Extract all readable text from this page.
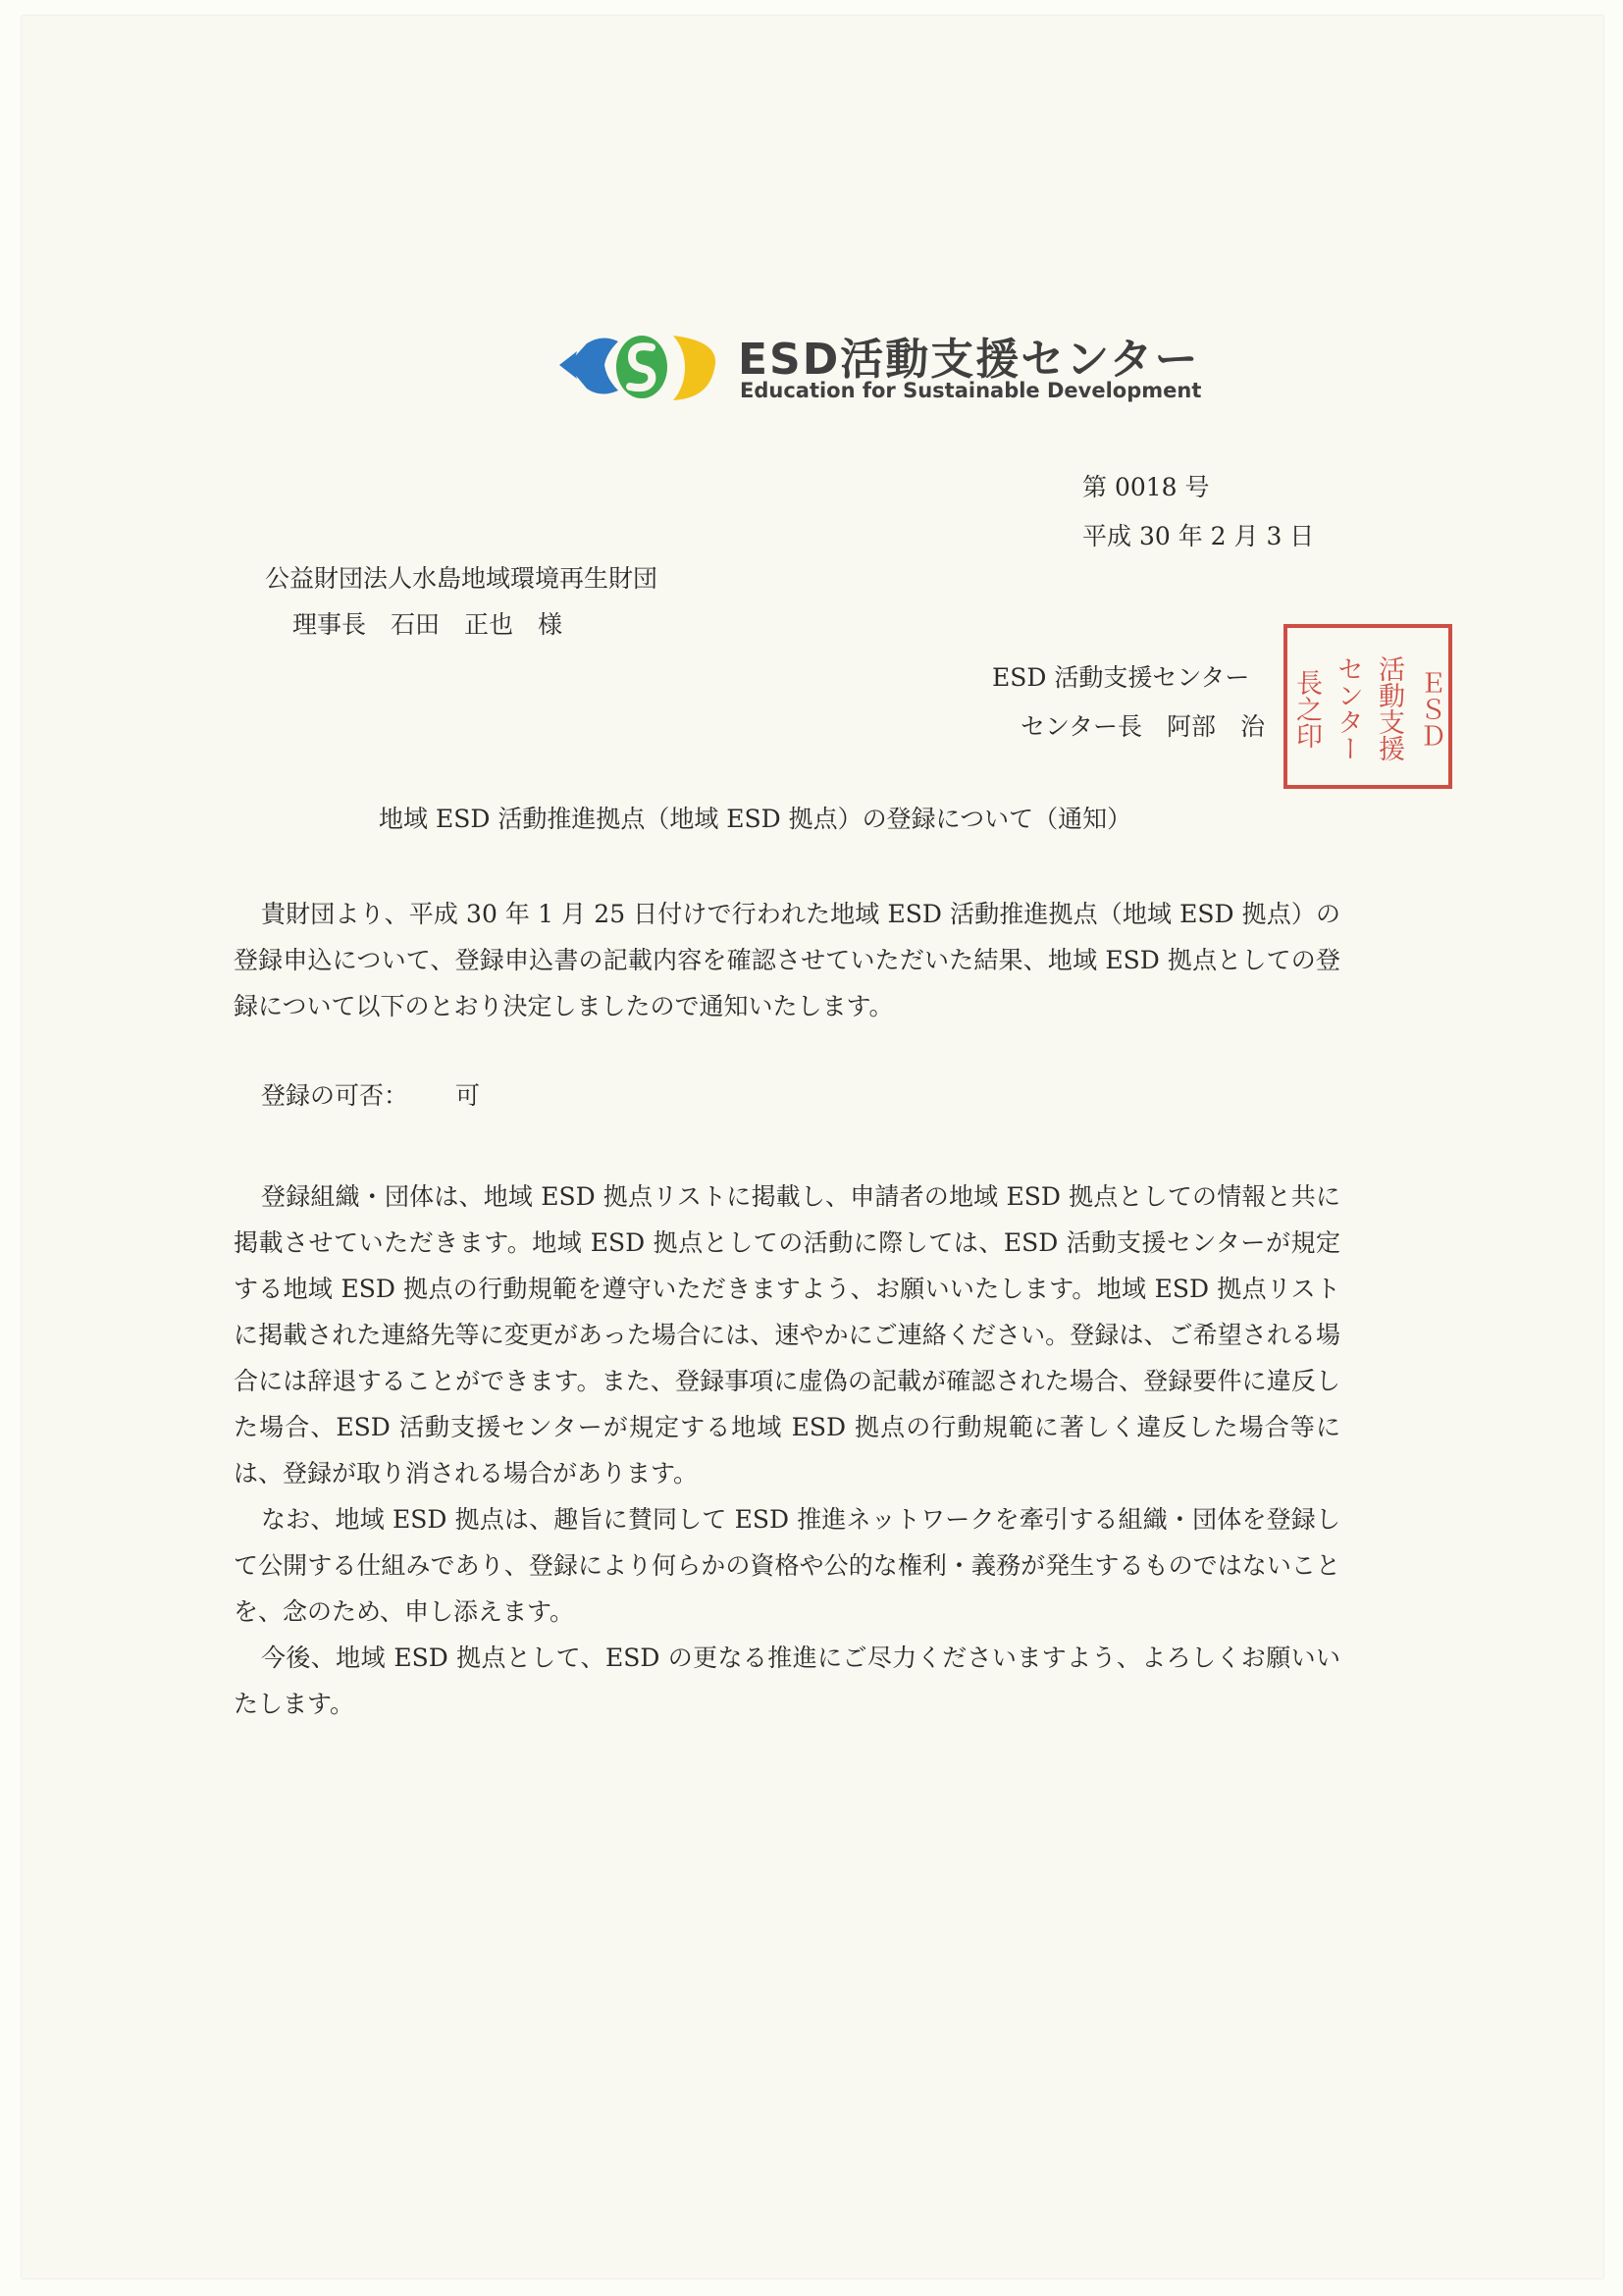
ESD活動支援センター
Education for Sustainable Development
第 0018 号
平成 30 年 2 月 3 日
公益財団法人水島地域環境再生財団
理事長　石田　正也　様
ESD 活動支援センター
センター長　阿部　治	ＥＳＤ
活動支援
センター
長之印
地域 ESD 活動推進拠点（地域 ESD 拠点）の登録について（通知）

貴財団より、平成 30 年 1 月 25 日付けで行われた地域 ESD 活動推進拠点（地域 ESD 拠点）の登録申込について、登録申込書の記載内容を確認させていただいた結果、地域 ESD 拠点としての登録について以下のとおり決定しましたので通知いたします。

登録の可否： 可

登録組織・団体は、地域 ESD 拠点リストに掲載し、申請者の地域 ESD 拠点としての情報と共に掲載させていただきます。地域 ESD 拠点としての活動に際しては、ESD 活動支援センターが規定する地域 ESD 拠点の行動規範を遵守いただきますよう、お願いいたします。地域 ESD 拠点リストに掲載された連絡先等に変更があった場合には、速やかにご連絡ください。登録は、ご希望される場合には辞退することができます。また、登録事項に虚偽の記載が確認された場合、登録要件に違反した場合、ESD 活動支援センターが規定する地域 ESD 拠点の行動規範に著しく違反した場合等には、登録が取り消される場合があります。

なお、地域 ESD 拠点は、趣旨に賛同して ESD 推進ネットワークを牽引する組織・団体を登録して公開する仕組みであり、登録により何らかの資格や公的な権利・義務が発生するものではないことを、念のため、申し添えます。

今後、地域 ESD 拠点として、ESD の更なる推進にご尽力くださいますよう、よろしくお願いいたします。
